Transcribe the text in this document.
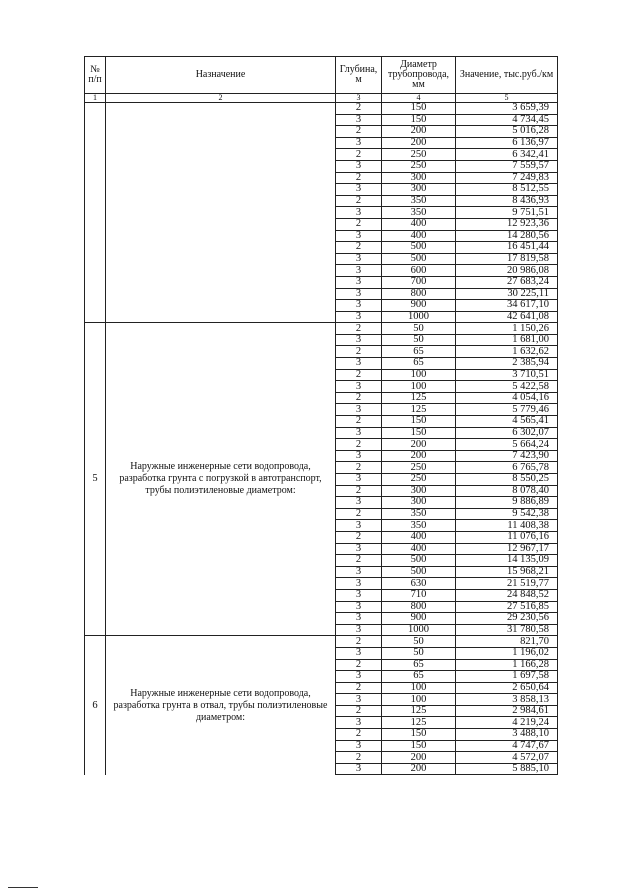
№ п/п	Назначение	Глубина, м	Диаметр трубопровода, мм	Значение, тыс.руб./км
1	2	3	4	5
		2	150	3 659,39
		3	150	4 734,45
		2	200	5 016,28
		3	200	6 136,97
		2	250	6 342,41
		3	250	7 559,57
		2	300	7 249,83
		3	300	8 512,55
		2	350	8 436,93
		3	350	9 751,51
		2	400	12 923,36
		3	400	14 280,56
		2	500	16 451,44
		3	500	17 819,58
		3	600	20 986,08
		3	700	27 683,24
		3	800	30 225,11
		3	900	34 617,10
		3	1000	42 641,08
5	Наружные инженерные сети водопровода, разработка грунта с погрузкой в автотранспорт, трубы полиэтиленовые диаметром:	2	50	1 150,26
		3	50	1 681,00
		2	65	1 632,62
		3	65	2 385,94
		2	100	3 710,51
		3	100	5 422,58
		2	125	4 054,16
		3	125	5 779,46
		2	150	4 565,41
		3	150	6 302,07
		2	200	5 664,24
		3	200	7 423,90
		2	250	6 765,78
		3	250	8 550,25
		2	300	8 078,40
		3	300	9 886,89
		2	350	9 542,38
		3	350	11 408,38
		2	400	11 076,16
		3	400	12 967,17
		2	500	14 135,09
		3	500	15 968,21
		3	630	21 519,77
		3	710	24 848,52
		3	800	27 516,85
		3	900	29 230,56
		3	1000	31 780,58
6	Наружные инженерные сети водопровода, разработка грунта в отвал, трубы полиэтиленовые диаметром:	2	50	821,70
		3	50	1 196,02
		2	65	1 166,28
		3	65	1 697,58
		2	100	2 650,64
		3	100	3 858,13
		2	125	2 984,61
		3	125	4 219,24
		2	150	3 488,10
		3	150	4 747,67
		2	200	4 572,07
		3	200	5 885,10
